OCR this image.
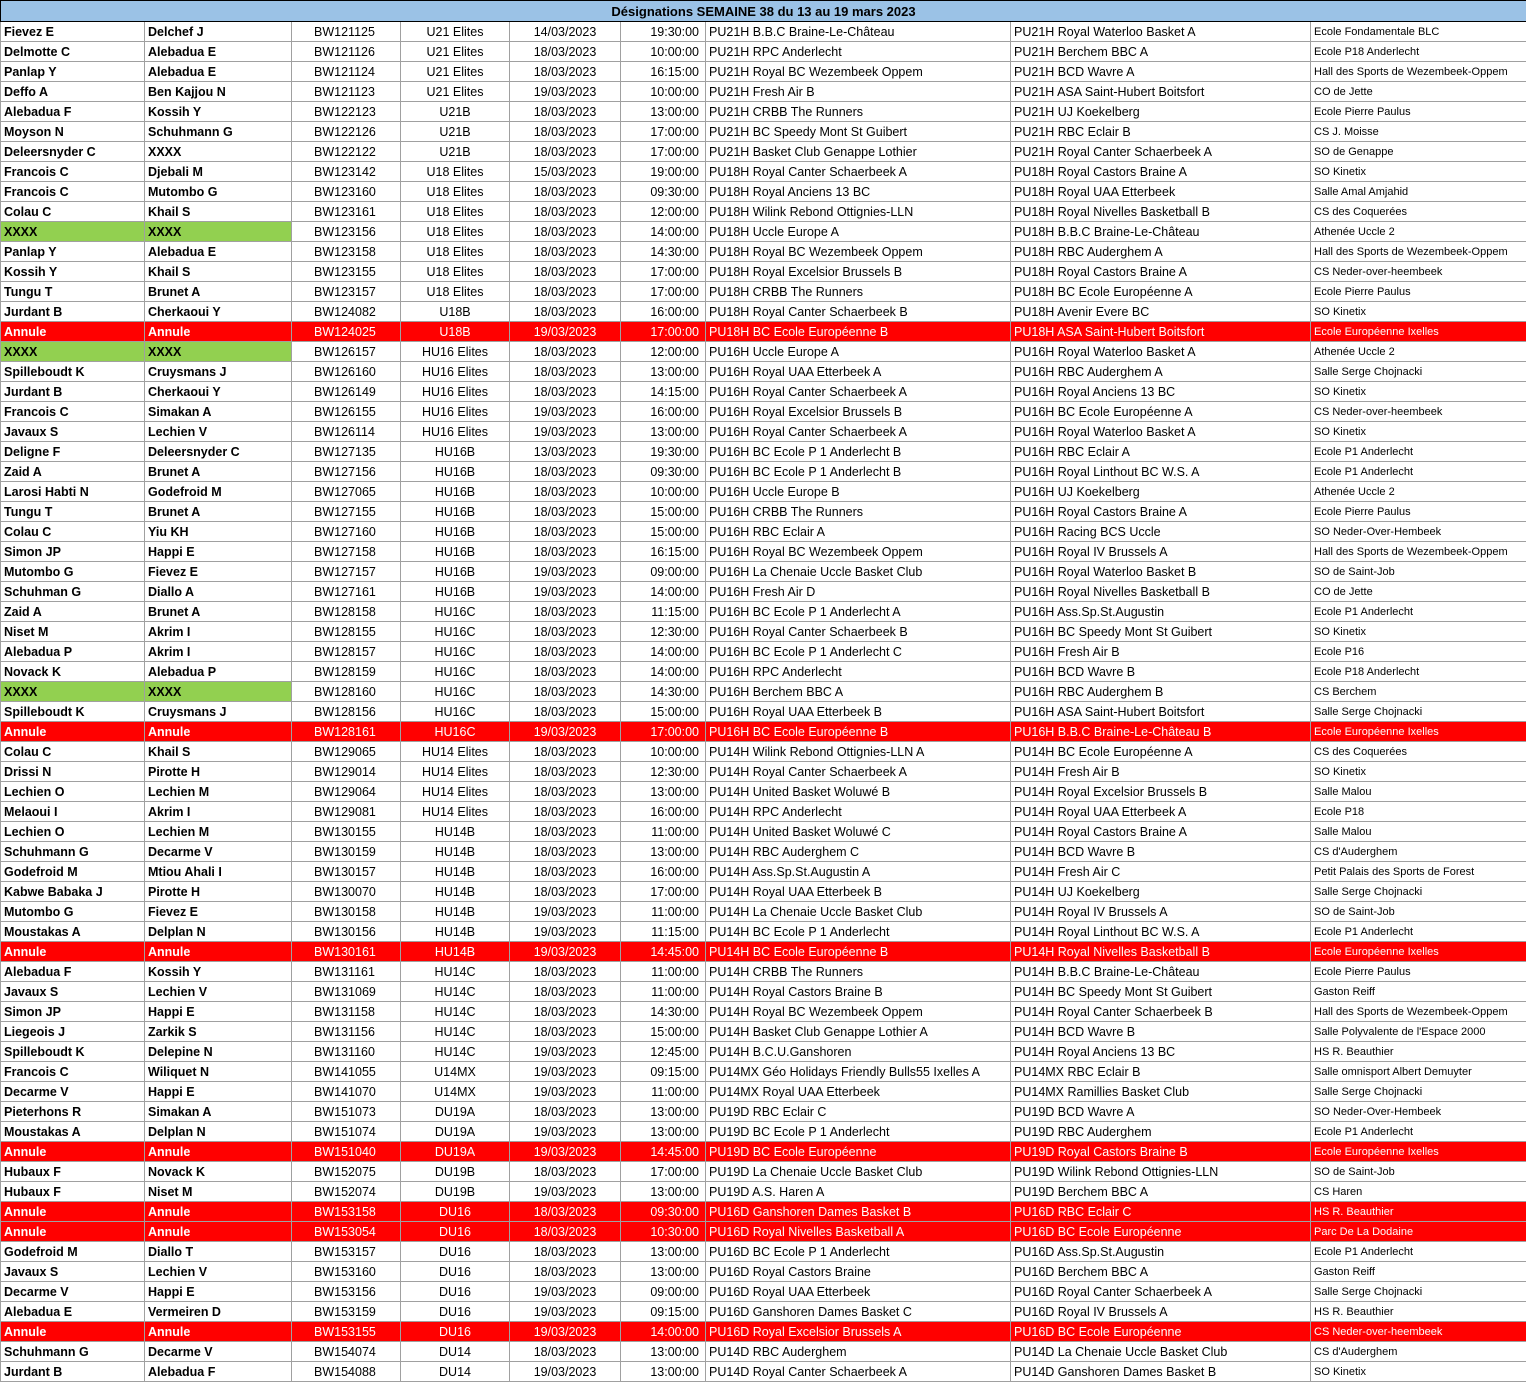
Désignations SEMAINE 38 du 13 au 19 mars 2023								
Fievez E	Delchef J	BW121125	U21 Elites	14/03/2023	19:30:00	PU21H B.B.C Braine-Le-Château	PU21H Royal Waterloo Basket A	Ecole Fondamentale BLC
Delmotte C	Alebadua E	BW121126	U21 Elites	18/03/2023	10:00:00	PU21H RPC Anderlecht	PU21H Berchem BBC A	Ecole P18 Anderlecht
Panlap Y	Alebadua E	BW121124	U21 Elites	18/03/2023	16:15:00	PU21H Royal BC Wezembeek Oppem	PU21H BCD Wavre A	Hall des Sports de Wezembeek-Oppem
Deffo A	Ben Kajjou N	BW121123	U21 Elites	19/03/2023	10:00:00	PU21H Fresh Air B	PU21H ASA Saint-Hubert Boitsfort	CO de Jette
Alebadua F	Kossih Y	BW122123	U21B	18/03/2023	13:00:00	PU21H CRBB The Runners	PU21H UJ Koekelberg	Ecole Pierre Paulus
Moyson N	Schuhmann G	BW122126	U21B	18/03/2023	17:00:00	PU21H BC Speedy Mont St Guibert	PU21H RBC Eclair B	CS J. Moisse
Deleersnyder C	XXXX	BW122122	U21B	18/03/2023	17:00:00	PU21H Basket Club Genappe Lothier	PU21H Royal Canter Schaerbeek A	SO de Genappe
Francois C	Djebali M	BW123142	U18 Elites	15/03/2023	19:00:00	PU18H Royal Canter Schaerbeek A	PU18H Royal Castors Braine A	SO Kinetix
Francois C	Mutombo G	BW123160	U18 Elites	18/03/2023	09:30:00	PU18H Royal Anciens 13 BC	PU18H Royal UAA Etterbeek	Salle Amal Amjahid
Colau C	Khail S	BW123161	U18 Elites	18/03/2023	12:00:00	PU18H Wilink Rebond Ottignies-LLN	PU18H Royal Nivelles Basketball B	CS des Coquerées
XXXX	XXXX	BW123156	U18 Elites	18/03/2023	14:00:00	PU18H Uccle Europe A	PU18H B.B.C Braine-Le-Château	Athenée Uccle 2
Panlap Y	Alebadua E	BW123158	U18 Elites	18/03/2023	14:30:00	PU18H Royal BC Wezembeek Oppem	PU18H RBC Auderghem A	Hall des Sports de Wezembeek-Oppem
Kossih Y	Khail S	BW123155	U18 Elites	18/03/2023	17:00:00	PU18H Royal Excelsior Brussels B	PU18H Royal Castors Braine A	CS Neder-over-heembeek
Tungu T	Brunet A	BW123157	U18 Elites	18/03/2023	17:00:00	PU18H CRBB The Runners	PU18H BC Ecole Européenne A	Ecole Pierre Paulus
Jurdant B	Cherkaoui Y	BW124082	U18B	18/03/2023	16:00:00	PU18H Royal Canter Schaerbeek B	PU18H Avenir Evere BC	SO Kinetix
Annule	Annule	BW124025	U18B	19/03/2023	17:00:00	PU18H BC Ecole Européenne B	PU18H ASA Saint-Hubert Boitsfort	Ecole Européenne Ixelles
XXXX	XXXX	BW126157	HU16 Elites	18/03/2023	12:00:00	PU16H Uccle Europe A	PU16H Royal Waterloo Basket A	Athenée Uccle 2
Spilleboudt K	Cruysmans J	BW126160	HU16 Elites	18/03/2023	13:00:00	PU16H Royal UAA Etterbeek A	PU16H RBC Auderghem A	Salle Serge Chojnacki
Jurdant B	Cherkaoui Y	BW126149	HU16 Elites	18/03/2023	14:15:00	PU16H Royal Canter Schaerbeek A	PU16H Royal Anciens 13 BC	SO Kinetix
Francois C	Simakan A	BW126155	HU16 Elites	19/03/2023	16:00:00	PU16H Royal Excelsior Brussels B	PU16H BC Ecole Européenne A	CS Neder-over-heembeek
Javaux S	Lechien V	BW126114	HU16 Elites	19/03/2023	13:00:00	PU16H Royal Canter Schaerbeek A	PU16H Royal Waterloo Basket A	SO Kinetix
Deligne F	Deleersnyder C	BW127135	HU16B	13/03/2023	19:30:00	PU16H BC Ecole P 1 Anderlecht B	PU16H RBC Eclair A	Ecole P1 Anderlecht
Zaid A	Brunet A	BW127156	HU16B	18/03/2023	09:30:00	PU16H BC Ecole P 1 Anderlecht B	PU16H Royal Linthout BC W.S. A	Ecole P1 Anderlecht
Larosi Habti N	Godefroid M	BW127065	HU16B	18/03/2023	10:00:00	PU16H Uccle Europe B	PU16H UJ Koekelberg	Athenée Uccle 2
Tungu T	Brunet A	BW127155	HU16B	18/03/2023	15:00:00	PU16H CRBB The Runners	PU16H Royal Castors Braine A	Ecole Pierre Paulus
Colau C	Yiu KH	BW127160	HU16B	18/03/2023	15:00:00	PU16H RBC Eclair A	PU16H Racing BCS Uccle	SO Neder-Over-Hembeek
Simon JP	Happi E	BW127158	HU16B	18/03/2023	16:15:00	PU16H Royal BC Wezembeek Oppem	PU16H Royal IV Brussels A	Hall des Sports de Wezembeek-Oppem
Mutombo G	Fievez E	BW127157	HU16B	19/03/2023	09:00:00	PU16H La Chenaie Uccle Basket Club	PU16H Royal Waterloo Basket B	SO de Saint-Job
Schuhman G	Diallo A	BW127161	HU16B	19/03/2023	14:00:00	PU16H Fresh Air D	PU16H Royal Nivelles Basketball B	CO de Jette
Zaid A	Brunet A	BW128158	HU16C	18/03/2023	11:15:00	PU16H BC Ecole P 1 Anderlecht A	PU16H Ass.Sp.St.Augustin	Ecole P1 Anderlecht
Niset M	Akrim I	BW128155	HU16C	18/03/2023	12:30:00	PU16H Royal Canter Schaerbeek B	PU16H BC Speedy Mont St Guibert	SO Kinetix
Alebadua P	Akrim I	BW128157	HU16C	18/03/2023	14:00:00	PU16H BC Ecole P 1 Anderlecht C	PU16H Fresh Air B	Ecole P16
Novack K	Alebadua P	BW128159	HU16C	18/03/2023	14:00:00	PU16H RPC Anderlecht	PU16H BCD Wavre B	Ecole P18 Anderlecht
XXXX	XXXX	BW128160	HU16C	18/03/2023	14:30:00	PU16H Berchem BBC A	PU16H RBC Auderghem B	CS Berchem
Spilleboudt K	Cruysmans J	BW128156	HU16C	18/03/2023	15:00:00	PU16H Royal UAA Etterbeek B	PU16H ASA Saint-Hubert Boitsfort	Salle Serge Chojnacki
Annule	Annule	BW128161	HU16C	19/03/2023	17:00:00	PU16H BC Ecole Européenne B	PU16H B.B.C Braine-Le-Château B	Ecole Européenne Ixelles
Colau C	Khail S	BW129065	HU14 Elites	18/03/2023	10:00:00	PU14H Wilink Rebond Ottignies-LLN A	PU14H BC Ecole Européenne A	CS des Coquerées
Drissi N	Pirotte H	BW129014	HU14 Elites	18/03/2023	12:30:00	PU14H Royal Canter Schaerbeek A	PU14H Fresh Air B	SO Kinetix
Lechien O	Lechien M	BW129064	HU14 Elites	18/03/2023	13:00:00	PU14H United Basket Woluwé B	PU14H Royal Excelsior Brussels B	Salle Malou
Melaoui I	Akrim I	BW129081	HU14 Elites	18/03/2023	16:00:00	PU14H RPC Anderlecht	PU14H Royal UAA Etterbeek A	Ecole P18
Lechien O	Lechien M	BW130155	HU14B	18/03/2023	11:00:00	PU14H United Basket Woluwé C	PU14H Royal Castors Braine A	Salle Malou
Schuhmann G	Decarme V	BW130159	HU14B	18/03/2023	13:00:00	PU14H RBC Auderghem C	PU14H BCD Wavre B	CS d'Auderghem
Godefroid M	Mtiou Ahali I	BW130157	HU14B	18/03/2023	16:00:00	PU14H Ass.Sp.St.Augustin A	PU14H Fresh Air C	Petit Palais des Sports de Forest
Kabwe Babaka J	Pirotte H	BW130070	HU14B	18/03/2023	17:00:00	PU14H Royal UAA Etterbeek B	PU14H UJ Koekelberg	Salle Serge Chojnacki
Mutombo G	Fievez E	BW130158	HU14B	19/03/2023	11:00:00	PU14H La Chenaie Uccle Basket Club	PU14H Royal IV Brussels A	SO de Saint-Job
Moustakas A	Delplan N	BW130156	HU14B	19/03/2023	11:15:00	PU14H BC Ecole P 1 Anderlecht	PU14H Royal Linthout BC W.S. A	Ecole P1 Anderlecht
Annule	Annule	BW130161	HU14B	19/03/2023	14:45:00	PU14H BC Ecole Européenne B	PU14H Royal Nivelles Basketball B	Ecole Européenne Ixelles
Alebadua F	Kossih Y	BW131161	HU14C	18/03/2023	11:00:00	PU14H CRBB The Runners	PU14H B.B.C Braine-Le-Château	Ecole Pierre Paulus
Javaux S	Lechien V	BW131069	HU14C	18/03/2023	11:00:00	PU14H Royal Castors Braine B	PU14H BC Speedy Mont St Guibert	Gaston Reiff
Simon JP	Happi E	BW131158	HU14C	18/03/2023	14:30:00	PU14H Royal BC Wezembeek Oppem	PU14H Royal Canter Schaerbeek B	Hall des Sports de Wezembeek-Oppem
Liegeois J	Zarkik S	BW131156	HU14C	18/03/2023	15:00:00	PU14H Basket Club Genappe Lothier A	PU14H BCD Wavre B	Salle Polyvalente de l'Espace 2000
Spilleboudt K	Delepine N	BW131160	HU14C	19/03/2023	12:45:00	PU14H B.C.U.Ganshoren	PU14H Royal Anciens 13 BC	HS R. Beauthier
Francois C	Wiliquet N	BW141055	U14MX	19/03/2023	09:15:00	PU14MX Géo Holidays Friendly Bulls55 Ixelles A	PU14MX RBC Eclair B	Salle omnisport Albert Demuyter
Decarme V	Happi E	BW141070	U14MX	19/03/2023	11:00:00	PU14MX Royal UAA Etterbeek	PU14MX Ramillies Basket Club	Salle Serge Chojnacki
Pieterhons R	Simakan A	BW151073	DU19A	18/03/2023	13:00:00	PU19D RBC Eclair C	PU19D BCD Wavre A	SO Neder-Over-Hembeek
Moustakas A	Delplan N	BW151074	DU19A	19/03/2023	13:00:00	PU19D BC Ecole P 1 Anderlecht	PU19D RBC Auderghem	Ecole P1 Anderlecht
Annule	Annule	BW151040	DU19A	19/03/2023	14:45:00	PU19D BC Ecole Européenne	PU19D Royal Castors Braine B	Ecole Européenne Ixelles
Hubaux F	Novack K	BW152075	DU19B	18/03/2023	17:00:00	PU19D La Chenaie Uccle Basket Club	PU19D Wilink Rebond Ottignies-LLN	SO de Saint-Job
Hubaux F	Niset M	BW152074	DU19B	19/03/2023	13:00:00	PU19D A.S. Haren A	PU19D Berchem BBC A	CS Haren
Annule	Annule	BW153158	DU16	18/03/2023	09:30:00	PU16D Ganshoren Dames Basket B	PU16D RBC Eclair C	HS R. Beauthier
Annule	Annule	BW153054	DU16	18/03/2023	10:30:00	PU16D Royal Nivelles Basketball A	PU16D BC Ecole Européenne	Parc De La Dodaine
Godefroid M	Diallo T	BW153157	DU16	18/03/2023	13:00:00	PU16D BC Ecole P 1 Anderlecht	PU16D Ass.Sp.St.Augustin	Ecole P1 Anderlecht
Javaux S	Lechien V	BW153160	DU16	18/03/2023	13:00:00	PU16D Royal Castors Braine	PU16D Berchem BBC A	Gaston Reiff
Decarme V	Happi E	BW153156	DU16	19/03/2023	09:00:00	PU16D Royal UAA Etterbeek	PU16D Royal Canter Schaerbeek A	Salle Serge Chojnacki
Alebadua E	Vermeiren D	BW153159	DU16	19/03/2023	09:15:00	PU16D Ganshoren Dames Basket C	PU16D Royal IV Brussels A	HS R. Beauthier
Annule	Annule	BW153155	DU16	19/03/2023	14:00:00	PU16D Royal Excelsior Brussels A	PU16D BC Ecole Européenne	CS Neder-over-heembeek
Schuhmann G	Decarme V	BW154074	DU14	18/03/2023	13:00:00	PU14D RBC Auderghem	PU14D La Chenaie Uccle Basket Club	CS d'Auderghem
Jurdant B	Alebadua F	BW154088	DU14	19/03/2023	13:00:00	PU14D Royal Canter Schaerbeek A	PU14D Ganshoren Dames Basket B	SO Kinetix
